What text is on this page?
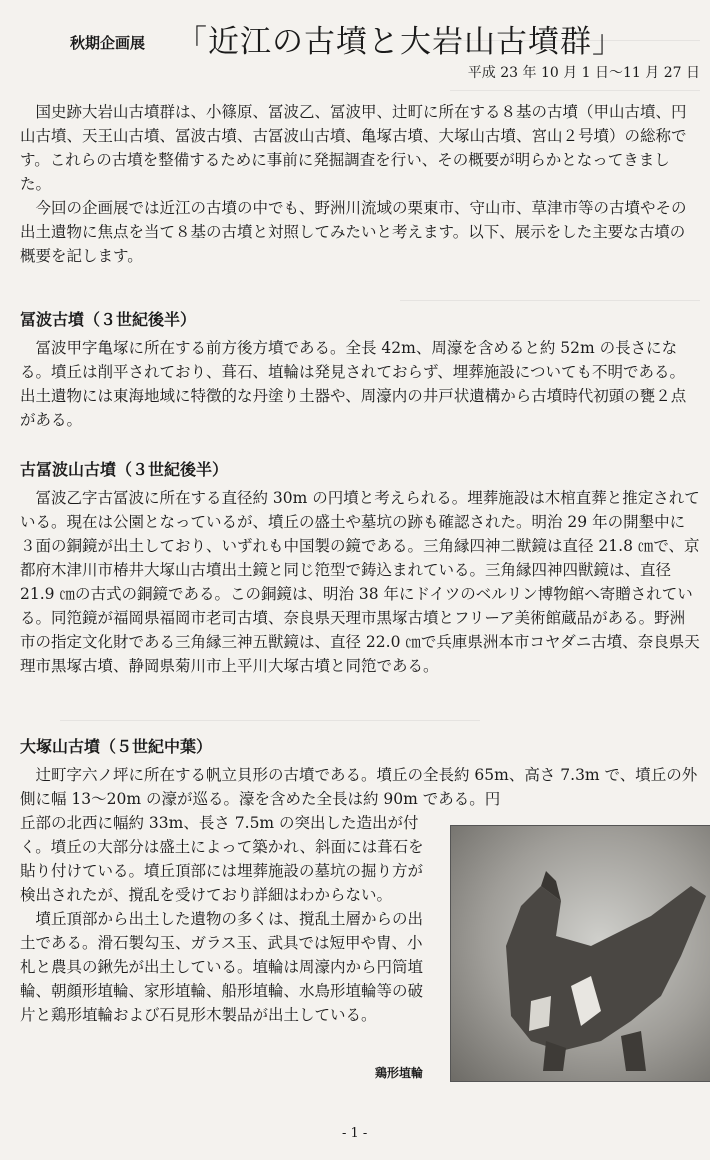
秋期企画展 「近江の古墳と大岩山古墳群」
平成 23 年 10 月 1 日〜11 月 27 日

国史跡大岩山古墳群は、小篠原、冨波乙、冨波甲、辻町に所在する８基の古墳（甲山古墳、円山古墳、天王山古墳、冨波古墳、古冨波山古墳、亀塚古墳、大塚山古墳、宮山２号墳）の総称です。これらの古墳を整備するために事前に発掘調査を行い、その概要が明らかとなってきました。

今回の企画展では近江の古墳の中でも、野洲川流域の栗東市、守山市、草津市等の古墳やその出土遺物に焦点を当て８基の古墳と対照してみたいと考えます。以下、展示をした主要な古墳の概要を記します。

冨波古墳（３世紀後半）

冨波甲字亀塚に所在する前方後方墳である。全長 42m、周濠を含めると約 52m の長さになる。墳丘は削平されており、葺石、埴輪は発見されておらず、埋葬施設についても不明である。出土遺物には東海地域に特徴的な丹塗り土器や、周濠内の井戸状遺構から古墳時代初頭の甕２点がある。

古冨波山古墳（３世紀後半）

冨波乙字古冨波に所在する直径約 30m の円墳と考えられる。埋葬施設は木棺直葬と推定されている。現在は公園となっているが、墳丘の盛土や墓坑の跡も確認された。明治 29 年の開墾中に３面の銅鏡が出土しており、いずれも中国製の鏡である。三角縁四神二獣鏡は直径 21.8 ㎝で、京都府木津川市椿井大塚山古墳出土鏡と同じ笵型で鋳込まれている。三角縁四神四獣鏡は、直径 21.9 ㎝の古式の銅鏡である。この銅鏡は、明治 38 年にドイツのベルリン博物館へ寄贈されている。同笵鏡が福岡県福岡市老司古墳、奈良県天理市黒塚古墳とフリーア美術館蔵品がある。野洲市の指定文化財である三角縁三神五獣鏡は、直径 22.0 ㎝で兵庫県洲本市コヤダニ古墳、奈良県天理市黒塚古墳、静岡県菊川市上平川大塚古墳と同笵である。

大塚山古墳（５世紀中葉）

辻町字六ノ坪に所在する帆立貝形の古墳である。墳丘の全長約 65m、高さ 7.3m で、墳丘の外側に幅 13〜20m の濠が巡る。濠を含めた全長は約 90m である。円

丘部の北西に幅約 33m、長さ 7.5m の突出した造出が付く。墳丘の大部分は盛土によって築かれ、斜面には葺石を貼り付けている。墳丘頂部には埋葬施設の墓坑の掘り方が検出されたが、撹乱を受けており詳細はわからない。

墳丘頂部から出土した遺物の多くは、撹乱土層からの出土である。滑石製勾玉、ガラス玉、武具では短甲や冑、小札と農具の鍬先が出土している。埴輪は周濠内から円筒埴輪、朝顔形埴輪、家形埴輪、船形埴輪、水鳥形埴輪等の破片と鶏形埴輪および石見形木製品が出土している。

鶏形埴輪
- 1 -
